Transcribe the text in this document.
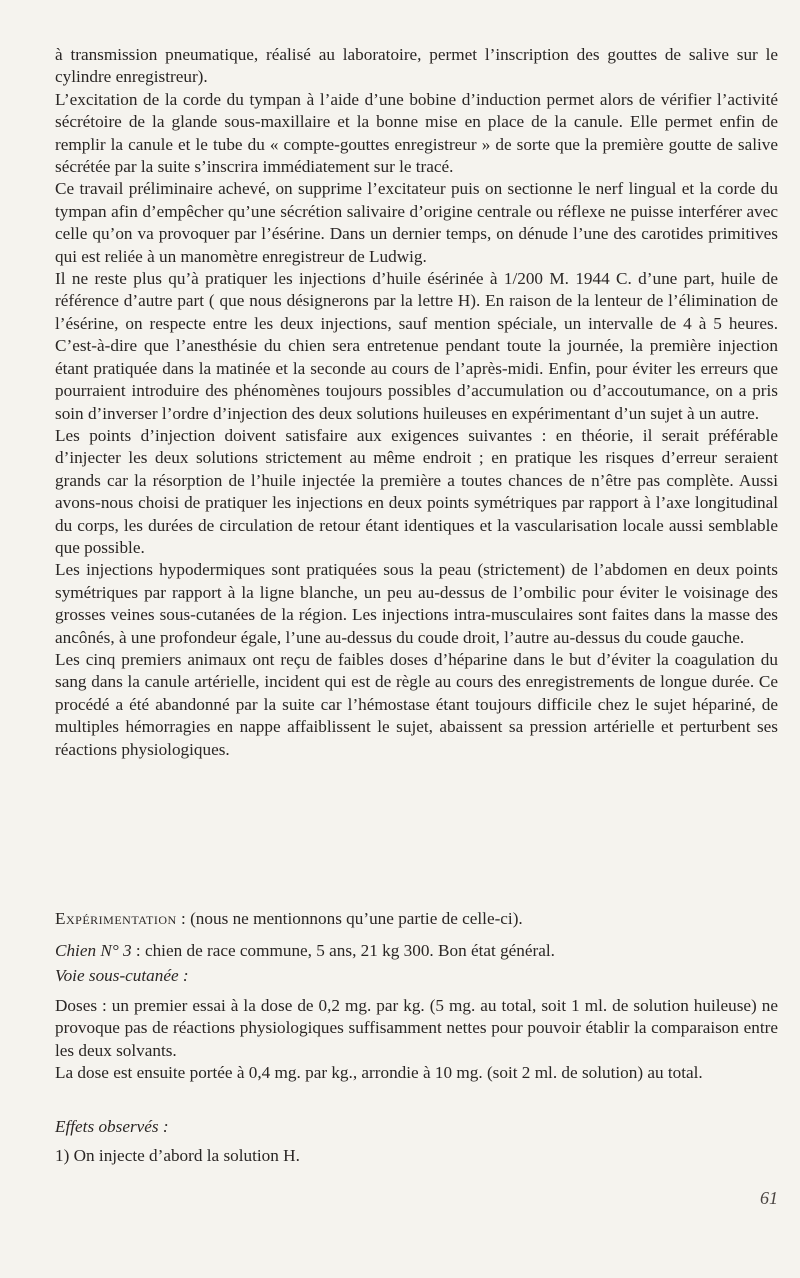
à transmission pneumatique, réalisé au laboratoire, permet l’inscription des gouttes de salive sur le cylindre enregistreur).

L’excitation de la corde du tympan à l’aide d’une bobine d’induction permet alors de vérifier l’activité sécrétoire de la glande sous-maxillaire et la bonne mise en place de la canule. Elle permet enfin de remplir la canule et le tube du « compte-gouttes enregistreur » de sorte que la première goutte de salive sécrétée par la suite s’inscrira immédiatement sur le tracé.

Ce travail préliminaire achevé, on supprime l’excitateur puis on sectionne le nerf lingual et la corde du tympan afin d’empêcher qu’une sécrétion salivaire d’origine centrale ou réflexe ne puisse interférer avec celle qu’on va provoquer par l’ésérine. Dans un dernier temps, on dénude l’une des carotides primitives qui est reliée à un manomètre enregistreur de Ludwig.

Il ne reste plus qu’à pratiquer les injections d’huile ésérinée à 1/200 M. 1944 C. d’une part, huile de référence d’autre part ( que nous désignerons par la lettre H). En raison de la lenteur de l’élimination de l’ésérine, on respecte entre les deux injections, sauf mention spéciale, un intervalle de 4 à 5 heures. C’est-à-dire que l’anesthésie du chien sera entretenue pendant toute la journée, la première injection étant pratiquée dans la matinée et la seconde au cours de l’après-midi. Enfin, pour éviter les erreurs que pourraient introduire des phénomènes toujours possibles d’accumulation ou d’accoutumance, on a pris soin d’inverser l’ordre d’injection des deux solutions huileuses en expérimentant d’un sujet à un autre.

Les points d’injection doivent satisfaire aux exigences suivantes : en théorie, il serait préférable d’injecter les deux solutions strictement au même endroit ; en pratique les risques d’erreur seraient grands car la résorption de l’huile injectée la première a toutes chances de n’être pas complète. Aussi avons-nous choisi de pratiquer les injections en deux points symétriques par rapport à l’axe longitudinal du corps, les durées de circulation de retour étant identiques et la vascularisation locale aussi semblable que possible.

Les injections hypodermiques sont pratiquées sous la peau (strictement) de l’abdomen en deux points symétriques par rapport à la ligne blanche, un peu au-dessus de l’ombilic pour éviter le voisinage des grosses veines sous-cutanées de la région. Les injections intra-musculaires sont faites dans la masse des ancônés, à une profondeur égale, l’une au-dessus du coude droit, l’autre au-dessus du coude gauche.

Les cinq premiers animaux ont reçu de faibles doses d’héparine dans le but d’éviter la coagulation du sang dans la canule artérielle, incident qui est de règle au cours des enregistrements de longue durée. Ce procédé a été abandonné par la suite car l’hémostase étant toujours difficile chez le sujet hépariné, de multiples hémorragies en nappe affaiblissent le sujet, abaissent sa pression artérielle et perturbent ses réactions physiologiques.

Expérimentation : (nous ne mentionnons qu’une partie de celle-ci).

Chien N° 3 : chien de race commune, 5 ans, 21 kg 300. Bon état général.

Voie sous-cutanée :

Doses : un premier essai à la dose de 0,2 mg. par kg. (5 mg. au total, soit 1 ml. de solution huileuse) ne provoque pas de réactions physiologiques suffisamment nettes pour pouvoir établir la comparaison entre les deux solvants.

La dose est ensuite portée à 0,4 mg. par kg., arrondie à 10 mg. (soit 2 ml. de solution) au total.

Effets observés :

1) On injecte d’abord la solution H.

61
